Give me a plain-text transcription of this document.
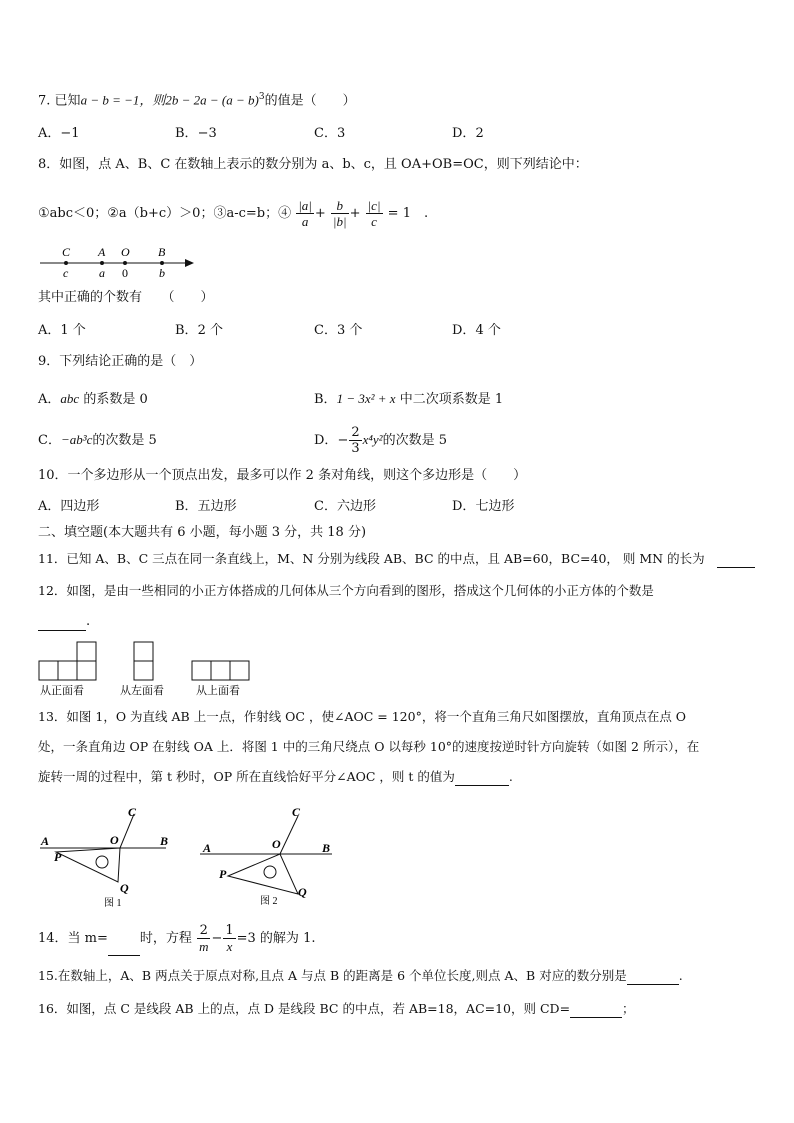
7. 已知a − b = −1，则$2b - 2a - (a - b)^3$的值是（　　）
A．−1	B．−3	C．3	D．2
8．如图，点 A、B、C 在数轴上表示的数分别为 a、b、c，且 OA+OB=OC，则下列结论中：
①abc＜0；②a（b+c）＞0；③a-c=b；④ $\frac{|a|}{a} + \frac{b}{|b|} + \frac{|c|}{c} = 1$　.
C A O B
c	a 0	b
其中正确的个数有　　（　　）
A．1 个	B．2 个	C．3 个	D．4 个
9．下列结论正确的是（　）
A．abc 的系数是 0	B．1 − 3x² + x 中二次项系数是 1
C．−ab³c的次数是 5	D．− $\frac{2}{3} x^4y^2$的次数是 5
10．一个多边形从一个顶点出发，最多可以作 2 条对角线，则这个多边形是（　　）
A．四边形	B．五边形	C．六边形	D．七边形
二、填空题(本大题共有 6 小题，每小题 3 分，共 18 分)
11．已知 A、B、C 三点在同一条直线上，M、N 分别为线段 AB、BC 的中点，且 AB=60，BC=40， 则 MN 的长为　
12．如图，是由一些相同的小正方体搭成的几何体从三个方向看到的图形，搭成这个几何体的小正方体的个数是
.
从正面看	从左面看	从上面看
13．如图 1，O 为直线 AB 上一点，作射线 OC ，使∠AOC = 120°，将一个直角三角尺如图摆放，直角顶点在点 O
处，一条直角边 OP 在射线 OA 上．将图 1 中的三角尺绕点 O 以每秒 10°的速度按逆时针方向旋转（如图 2 所示），在
旋转一周的过程中，第 t 秒时，OP 所在直线恰好平分∠AOC ，则 t 的值为	.
C
O
A	B
P
Q
图 1
C
O
A	B
P
Q
图 2
14．当 m= 时，方程 $\frac{2}{m} - \frac{1}{x} =3$ 的解为 1.
15.在数轴上，A、B 两点关于原点对称,且点 A 与点 B 的距离是 6 个单位长度,则点 A、B 对应的数分别是	.
16．如图，点 C 是线段 AB 上的点，点 D 是线段 BC 的中点，若 AB=18，AC=10，则 CD=	；
